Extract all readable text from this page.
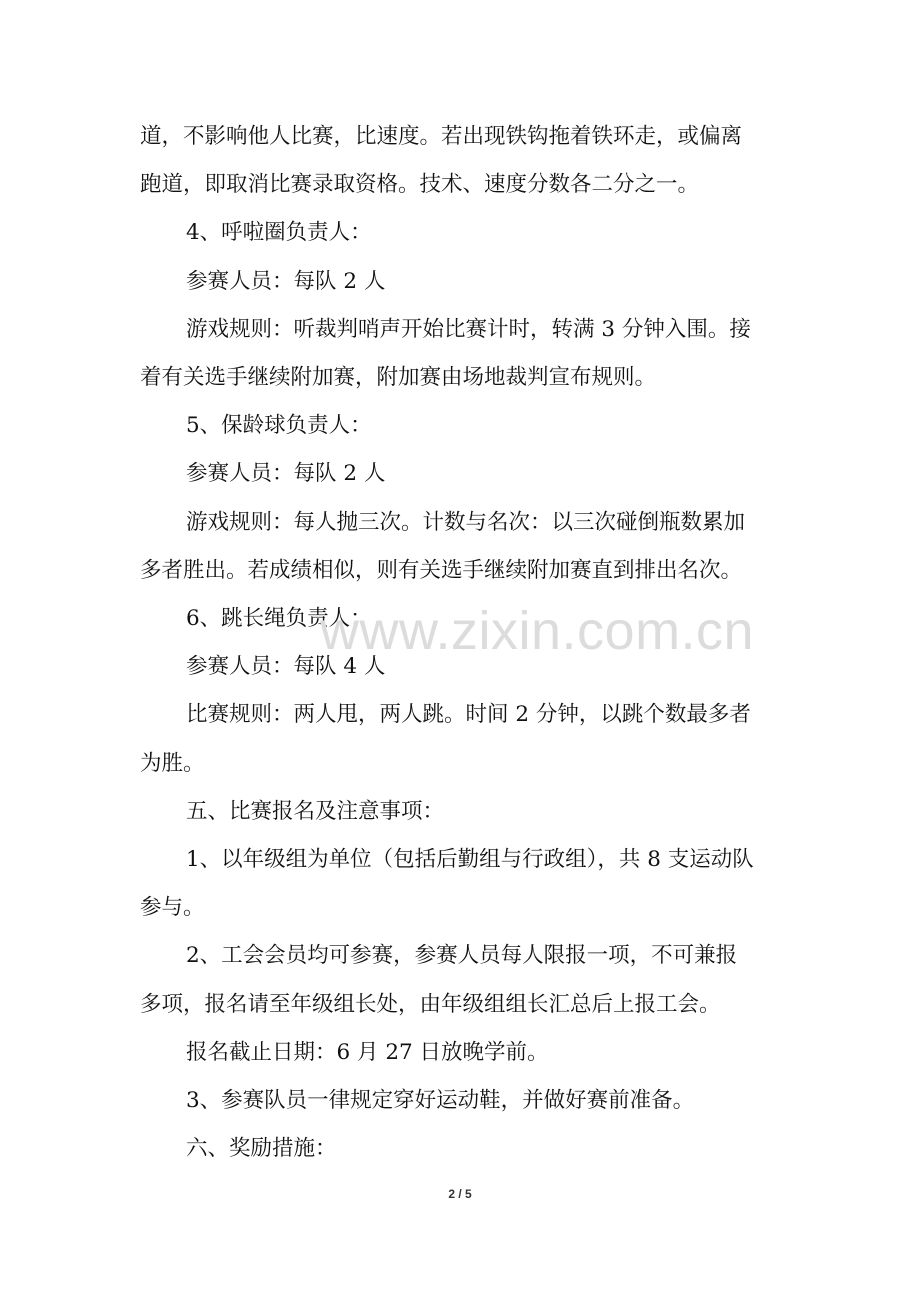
道，不影响他人比赛，比速度。若出现铁钩拖着铁环走，或偏离
跑道，即取消比赛录取资格。技术、速度分数各二分之一。
4、呼啦圈负责人：
参赛人员：每队 2 人
游戏规则：听裁判哨声开始比赛计时，转满 3 分钟入围。接
着有关选手继续附加赛，附加赛由场地裁判宣布规则。
5、保龄球负责人：
参赛人员：每队 2 人
游戏规则：每人抛三次。计数与名次：以三次碰倒瓶数累加
多者胜出。若成绩相似，则有关选手继续附加赛直到排出名次。
6、跳长绳负责人：
参赛人员：每队 4 人
比赛规则：两人甩，两人跳。时间 2 分钟，以跳个数最多者
为胜。
五、比赛报名及注意事项：
1、以年级组为单位（包括后勤组与行政组），共 8 支运动队
参与。
2、工会会员均可参赛，参赛人员每人限报一项，不可兼报
多项，报名请至年级组长处，由年级组组长汇总后上报工会。
报名截止日期：6 月 27 日放晚学前。
3、参赛队员一律规定穿好运动鞋，并做好赛前准备。
六、奖励措施：
www.zixin.com.cn
2 / 5
